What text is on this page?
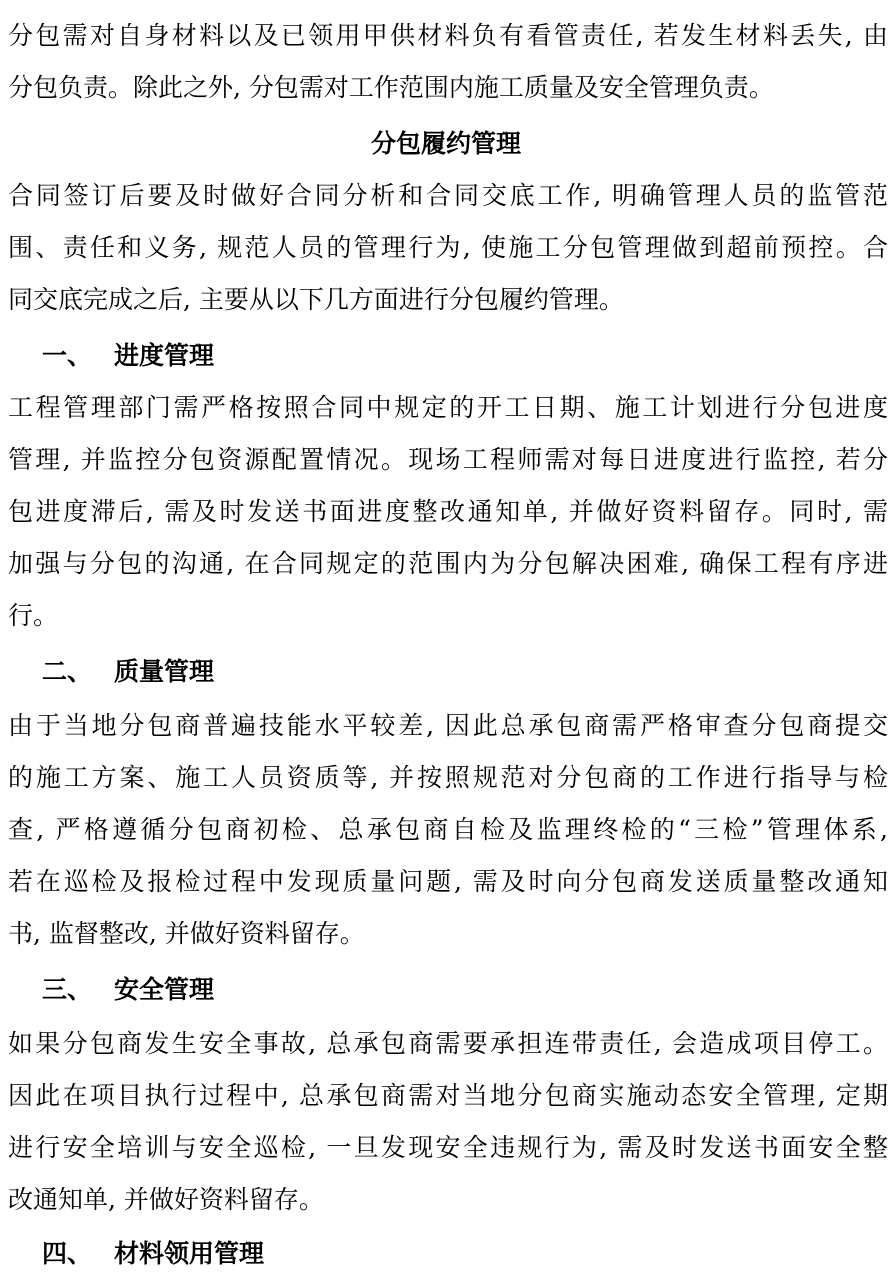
分包需对自身材料以及已领用甲供材料负有看管责任, 若发生材料丢失, 由
分包负责。除此之外, 分包需对工作范围内施工质量及安全管理负责。
分包履约管理
合同签订后要及时做好合同分析和合同交底工作, 明确管理人员的监管范
围、责任和义务, 规范人员的管理行为, 使施工分包管理做到超前预控。合
同交底完成之后, 主要从以下几方面进行分包履约管理。
一、 进度管理
工程管理部门需严格按照合同中规定的开工日期、施工计划进行分包进度
管理, 并监控分包资源配置情况。现场工程师需对每日进度进行监控, 若分
包进度滞后, 需及时发送书面进度整改通知单, 并做好资料留存。同时, 需
加强与分包的沟通, 在合同规定的范围内为分包解决困难, 确保工程有序进
行。
二、 质量管理
由于当地分包商普遍技能水平较差, 因此总承包商需严格审查分包商提交
的施工方案、施工人员资质等, 并按照规范对分包商的工作进行指导与检
查, 严格遵循分包商初检、总承包商自检及监理终检的“三检”管理体系,
若在巡检及报检过程中发现质量问题, 需及时向分包商发送质量整改通知
书, 监督整改, 并做好资料留存。
三、 安全管理
如果分包商发生安全事故, 总承包商需要承担连带责任, 会造成项目停工。
因此在项目执行过程中, 总承包商需对当地分包商实施动态安全管理, 定期
进行安全培训与安全巡检, 一旦发现安全违规行为, 需及时发送书面安全整
改通知单, 并做好资料留存。
四、 材料领用管理
